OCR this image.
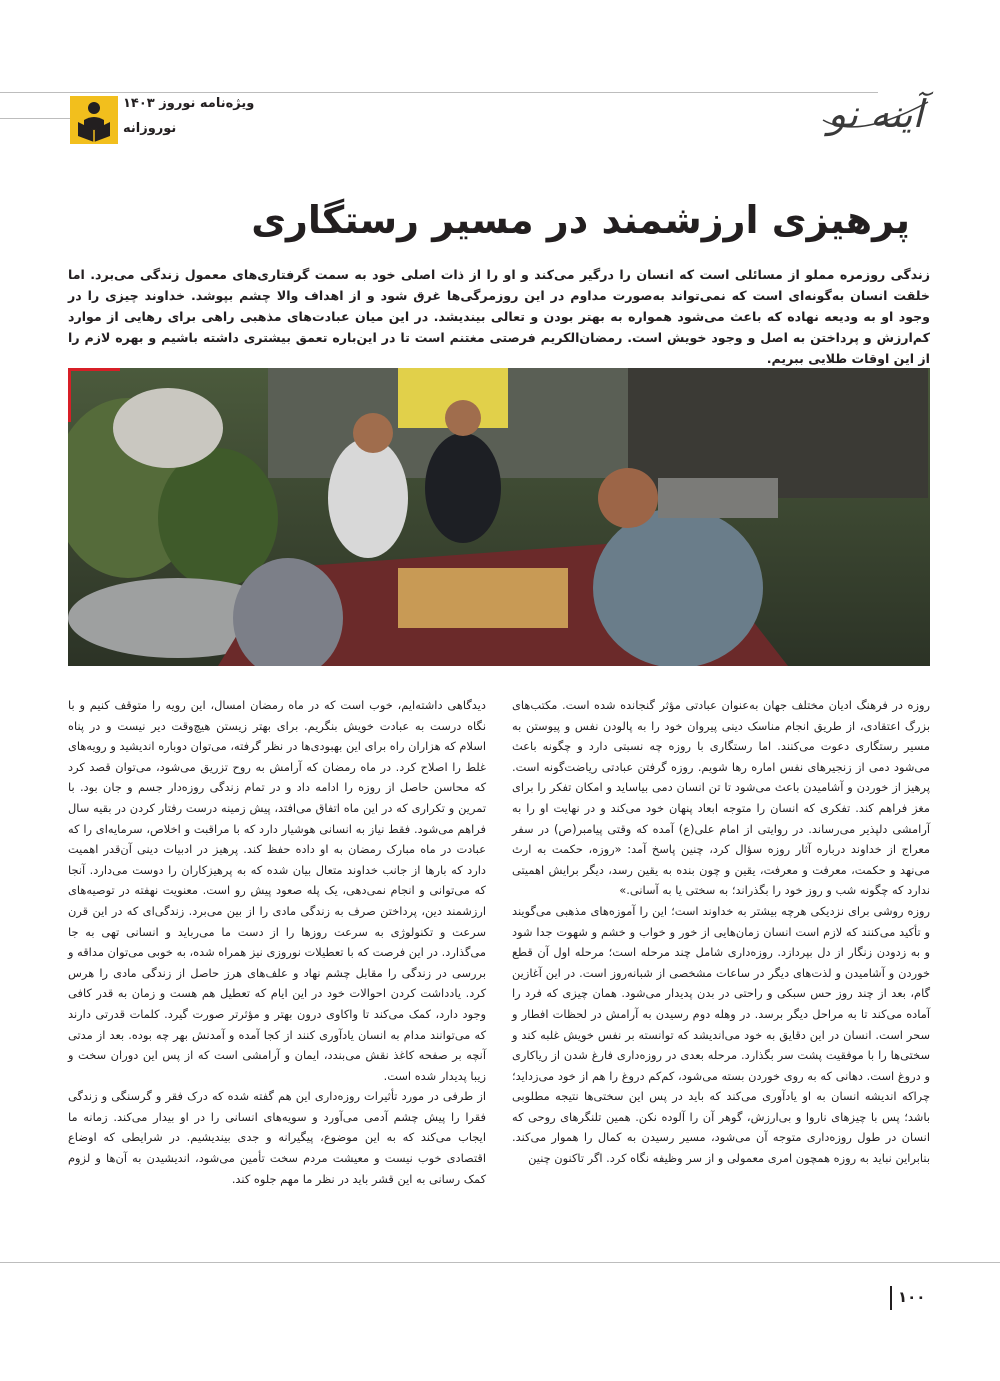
ویژه‌نامه نوروز ۱۴۰۳
نوروزانه	آینه نو
پرهیزی ارزشمند در مسیر رستگاری
زندگی روزمره مملو از مسائلی است که انسان را درگیر می‌کند و او را از ذات اصلی خود به سمت گرفتاری‌های معمول زندگی می‌برد. اما خلقت انسان به‌گونه‌ای است که نمی‌تواند به‌صورت مداوم در این روزمرگی‌ها غرق شود و از اهداف والا چشم بپوشد. خداوند چیزی را در وجود او به ودیعه نهاده که باعث می‌شود همواره به بهتر بودن و تعالی بیندیشد. در این میان عبادت‌های مذهبی راهی برای رهایی از موارد کم‌ارزش و پرداختن به اصل و وجود خویش است. رمضان‌الکریم فرصتی مغتنم است تا در این‌باره تعمق بیشتری داشته باشیم و بهره لازم را از این اوقات طلایی ببریم.

روزه در فرهنگ ادیان مختلف جهان به‌عنوان عبادتی مؤثر گنجانده شده است. مکتب‌های بزرگ اعتقادی، از طریق انجام مناسک دینی پیروان خود را به پالودن نفس و پیوستن به مسیر رستگاری دعوت می‌کنند. اما رستگاری با روزه چه نسبتی دارد و چگونه باعث می‌شود دمی از زنجیرهای نفس اماره رها شویم. روزه گرفتن عبادتی ریاضت‌گونه است. پرهیز از خوردن و آشامیدن باعث می‌شود تا تن انسان دمی بیاساید و امکان تفکر را برای مغز فراهم کند. تفکری که انسان را متوجه ابعاد پنهان خود می‌کند و در نهایت او را به آرامشی دلپذیر می‌رساند. در روایتی از امام علی(ع) آمده که وقتی پیامبر(ص) در سفر معراج از خداوند درباره آثار روزه سؤال کرد، چنین پاسخ آمد: «روزه، حکمت به ارث می‌نهد و حکمت، معرفت و معرفت، یقین و چون بنده به یقین رسد، دیگر برایش اهمیتی ندارد که چگونه شب و روز خود را بگذراند؛ به سختی یا به آسانی.»

روزه روشی برای نزدیکی هرچه بیشتر به خداوند است؛ این را آموزه‌های مذهبی می‌گویند و تأکید می‌کنند که لازم است انسان زمان‌هایی از خور و خواب و خشم و شهوت جدا شود و به زدودن زنگار از دل بپردازد. روزه‌داری شامل چند مرحله است؛ مرحله اول آن قطع خوردن و آشامیدن و لذت‌های دیگر در ساعات مشخصی از شبانه‌روز است. در این آغازین گام، بعد از چند روز حس سبکی و راحتی در بدن پدیدار می‌شود. همان چیزی که فرد را آماده می‌کند تا به مراحل دیگر برسد. در وهله دوم رسیدن به آرامش در لحظات افطار و سحر است. انسان در این دقایق به خود می‌اندیشد که توانسته بر نفس خویش غلبه کند و سختی‌ها را با موفقیت پشت سر بگذارد. مرحله بعدی در روزه‌داری فارغ شدن از ریاکاری و دروغ است. دهانی که به روی خوردن بسته می‌شود، کم‌کم دروغ را هم از خود می‌زداید؛ چراکه اندیشه انسان به او یادآوری می‌کند که باید در پس این سختی‌ها نتیجه مطلوبی باشد؛ پس با چیزهای ناروا و بی‌ارزش، گوهر آن را آلوده نکن. همین تلنگرهای روحی که انسان در طول روزه‌داری متوجه آن می‌شود، مسیر رسیدن به کمال را هموار می‌کند. بنابراین نباید به روزه همچون امری معمولی و از سر وظیفه نگاه کرد. اگر تاکنون چنین

دیدگاهی داشته‌ایم، خوب است که در ماه رمضان امسال، این رویه را متوقف کنیم و با نگاه درست به عبادت خویش بنگریم. برای بهتر زیستن هیچ‌وقت دیر نیست و در پناه اسلام که هزاران راه برای این بهبودی‌ها در نظر گرفته، می‌توان دوباره اندیشید و رویه‌های غلط را اصلاح کرد. در ماه رمضان که آرامش به روح تزریق می‌شود، می‌توان قصد کرد که محاسن حاصل از روزه را ادامه داد و در تمام زندگی روزه‌دار جسم و جان بود. با تمرین و تکراری که در این ماه اتفاق می‌افتد، پیش زمینه درست رفتار کردن در بقیه سال فراهم می‌شود. فقط نیاز به انسانی هوشیار دارد که با مراقبت و اخلاص، سرمایه‌ای را که عبادت در ماه مبارک رمضان به او داده حفظ کند. پرهیز در ادبیات دینی آن‌قدر اهمیت دارد که بارها از جانب خداوند متعال بیان شده که به پرهیزکاران را دوست می‌دارد. آنجا که می‌توانی و انجام نمی‌دهی، یک پله صعود پیش رو است. معنویت نهفته در توصیه‌های ارزشمند دین، پرداختن صرف به زندگی مادی را از بین می‌برد. زندگی‌ای که در این قرن سرعت و تکنولوژی به سرعت روزها را از دست ما می‌رباید و انسانی تهی به جا می‌گذارد. در این فرصت که با تعطیلات نوروزی نیز همراه شده، به خوبی می‌توان مداقه و بررسی در زندگی را مقابل چشم نهاد و علف‌های هرز حاصل از زندگی مادی را هرس کرد. یادداشت کردن احوالات خود در این ایام که تعطیل هم هست و زمان به قدر کافی وجود دارد، کمک می‌کند تا واکاوی درون بهتر و مؤثرتر صورت گیرد. کلمات قدرتی دارند که می‌توانند مدام به انسان یادآوری کنند از کجا آمده و آمدنش بهر چه بوده. بعد از مدتی آنچه بر صفحه کاغذ نقش می‌بندد، ایمان و آرامشی است که از پس این دوران سخت و زیبا پدیدار شده است.

از طرفی در مورد تأثیرات روزه‌داری این هم گفته شده که درک فقر و گرسنگی و زندگی فقرا را پیش چشم آدمی می‌آورد و سویه‌های انسانی را در او بیدار می‌کند. زمانه ما ایجاب می‌کند که به این موضوع، پیگیرانه و جدی بیندیشیم. در شرایطی که اوضاع اقتصادی خوب نیست و معیشت مردم سخت تأمین می‌شود، اندیشیدن به آن‌ها و لزوم کمک رسانی به این قشر باید در نظر ما مهم جلوه کند.

۱۰۰
